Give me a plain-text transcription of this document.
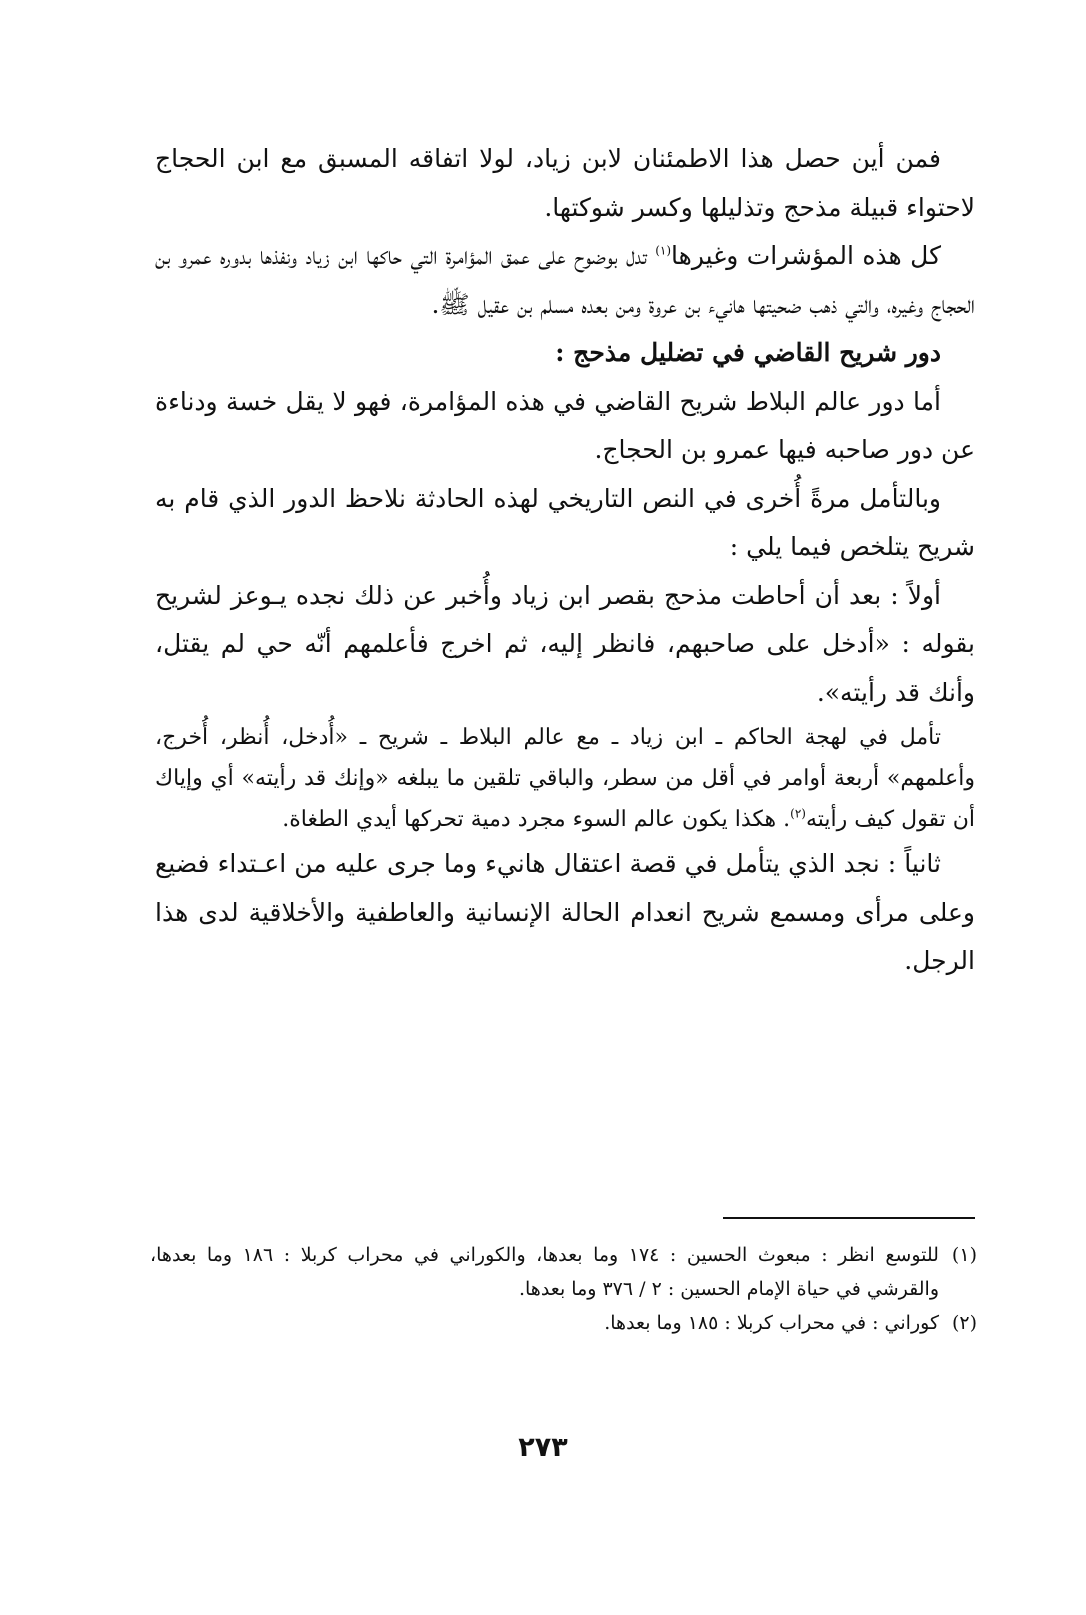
فمن أين حصل هذا الاطمئنان لابن زياد، لولا اتفاقه المسبق مع ابن الحجاج لاحتواء قبيلة مذحج وتذليلها وكسر شوكتها.

كل هذه المؤشرات وغيرها$^{(١)}$ تدل بوضوح على عمق المؤامرة التي حاكها ابن زياد ونفذها بدوره عمرو بن الحجاج وغيره، والتي ذهب ضحيتها هانيء بن عروة ومن بعده مسلم بن عقيل ﷺ.

دور شريح القاضي في تضليل مذحج :

أما دور عالم البلاط شريح القاضي في هذه المؤامرة، فهو لا يقل خسة ودناءة عن دور صاحبه فيها عمرو بن الحجاج.

وبالتأمل مرةً أُخرى في النص التاريخي لهذه الحادثة نلاحظ الدور الذي قام به شريح يتلخص فيما يلي :

أولاً : بعد أن أحاطت مذحج بقصر ابن زياد وأُخبر عن ذلك نجده يـوعز لشريح بقوله : «أدخل على صاحبهم، فانظر إليه، ثم اخرج فأعلمهم أنّه حي لم يقتل، وأنك قد رأيته».

تأمل في لهجة الحاكم ـ ابن زياد ـ مع عالم البلاط ـ شريح ـ «أُدخل، أُنظر، أُخرج، وأعلمهم» أربعة أوامر في أقل من سطر، والباقي تلقين ما يبلغه «وإنك قد رأيته» أي وإياك أن تقول كيف رأيته$^{(٢)}$. هكذا يكون عالم السوء مجرد دمية تحركها أيدي الطغاة.

ثانياً : نجد الذي يتأمل في قصة اعتقال هانيء وما جرى عليه من اعـتداء فضيع وعلى مرأى ومسمع شريح انعدام الحالة الإنسانية والعاطفية والأخلاقية لدى هذا الرجل.

(١)للتوسع انظر : مبعوث الحسين : ١٧٤ وما بعدها، والكوراني في محراب كربلا : ١٨٦ وما بعدها، والقرشي في حياة الإمام الحسين : ٢ / ٣٧٦ وما بعدها.

(٢)كوراني : في محراب كربلا : ١٨٥ وما بعدها.

٢٧٣
